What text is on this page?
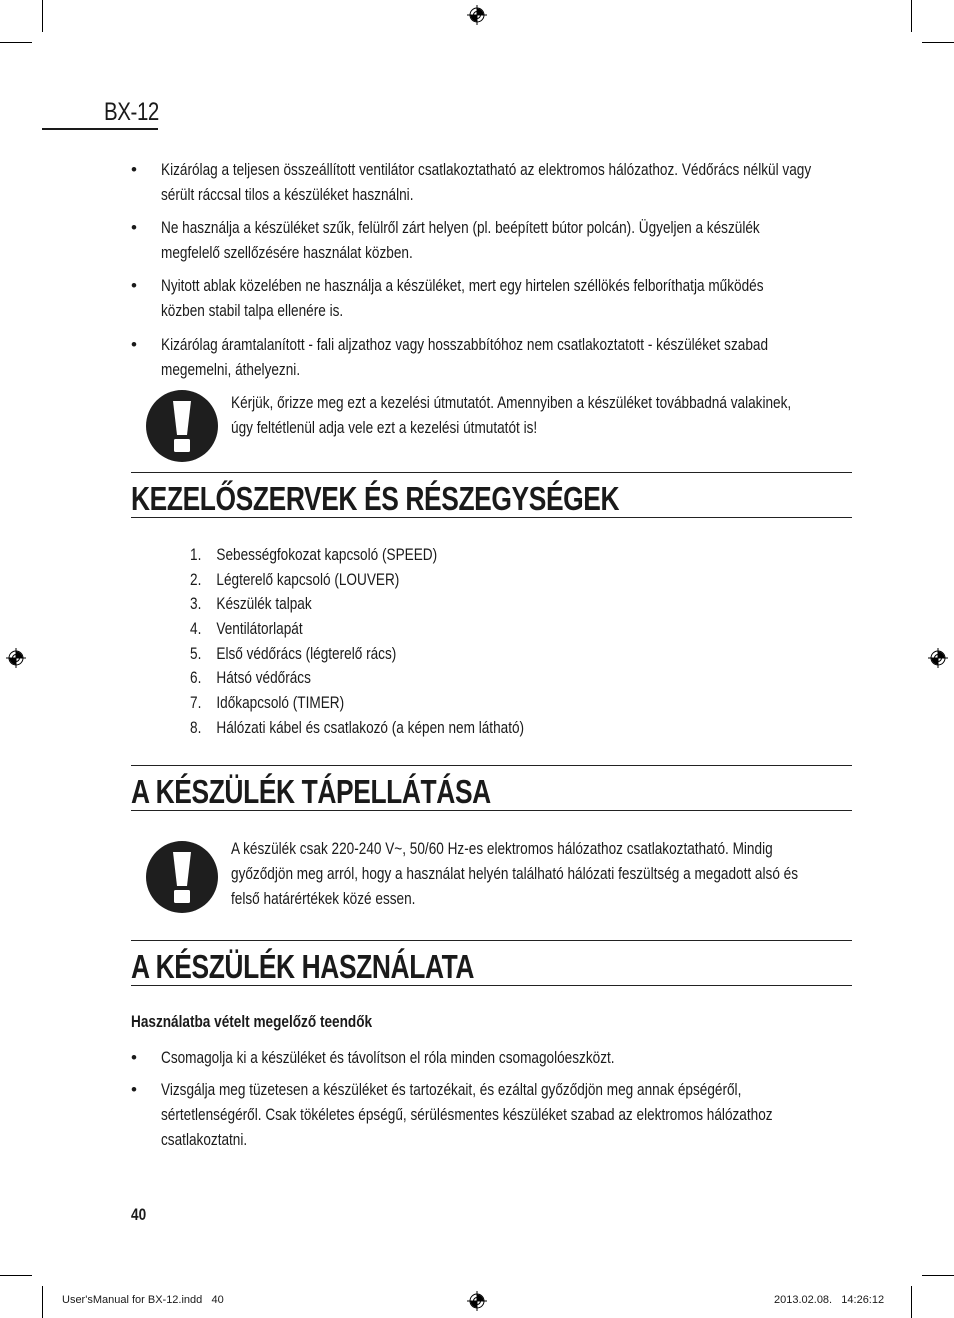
BX-12
• Kizárólag a teljesen összeállított ventilátor csatlakoztatható az elektromos hálózathoz. Védőrács nélkül vagy
sérült ráccsal tilos a készüléket használni.
• Ne használja a készüléket szűk, felülről zárt helyen (pl. beépített bútor polcán). Ügyeljen a készülék
megfelelő szellőzésére használat közben.
• Nyitott ablak közelében ne használja a készüléket, mert egy hirtelen széllökés felboríthatja működés
közben stabil talpa ellenére is.
• Kizárólag áramtalanított - fali aljzathoz vagy hosszabbítóhoz nem csatlakoztatott - készüléket szabad
megemelni, áthelyezni.
Kérjük, őrizze meg ezt a kezelési útmutatót. Amennyiben a készüléket továbbadná valakinek,
úgy feltétlenül adja vele ezt a kezelési útmutatót is!
KEZELŐSZERVEK ÉS RÉSZEGYSÉGEK
1. Sebességfokozat kapcsoló (SPEED)
2. Légterelő kapcsoló (LOUVER)
3. Készülék talpak
4. Ventilátorlapát
5. Első védőrács (légterelő rács)
6. Hátsó védőrács
7. Időkapcsoló (TIMER)
8. Hálózati kábel és csatlakozó (a képen nem látható)
A KÉSZÜLÉK TÁPELLÁTÁSA
A készülék csak 220-240 V~, 50/60 Hz-es elektromos hálózathoz csatlakoztatható. Mindig
győződjön meg arról, hogy a használat helyén található hálózati feszültség a megadott alsó és
felső határértékek közé essen.
A KÉSZÜLÉK HASZNÁLATA
Használatba vételt megelőző teendők
• Csomagolja ki a készüléket és távolítson el róla minden csomagolóeszközt.
• Vizsgálja meg tüzetesen a készüléket és tartozékait, és ezáltal győződjön meg annak épségéről,
sértetlenségéről. Csak tökéletes épségű, sérülésmentes készüléket szabad az elektromos hálózathoz
csatlakoztatni.
40
User'sManual for BX-12.indd   40	2013.02.08.   14:26:12
